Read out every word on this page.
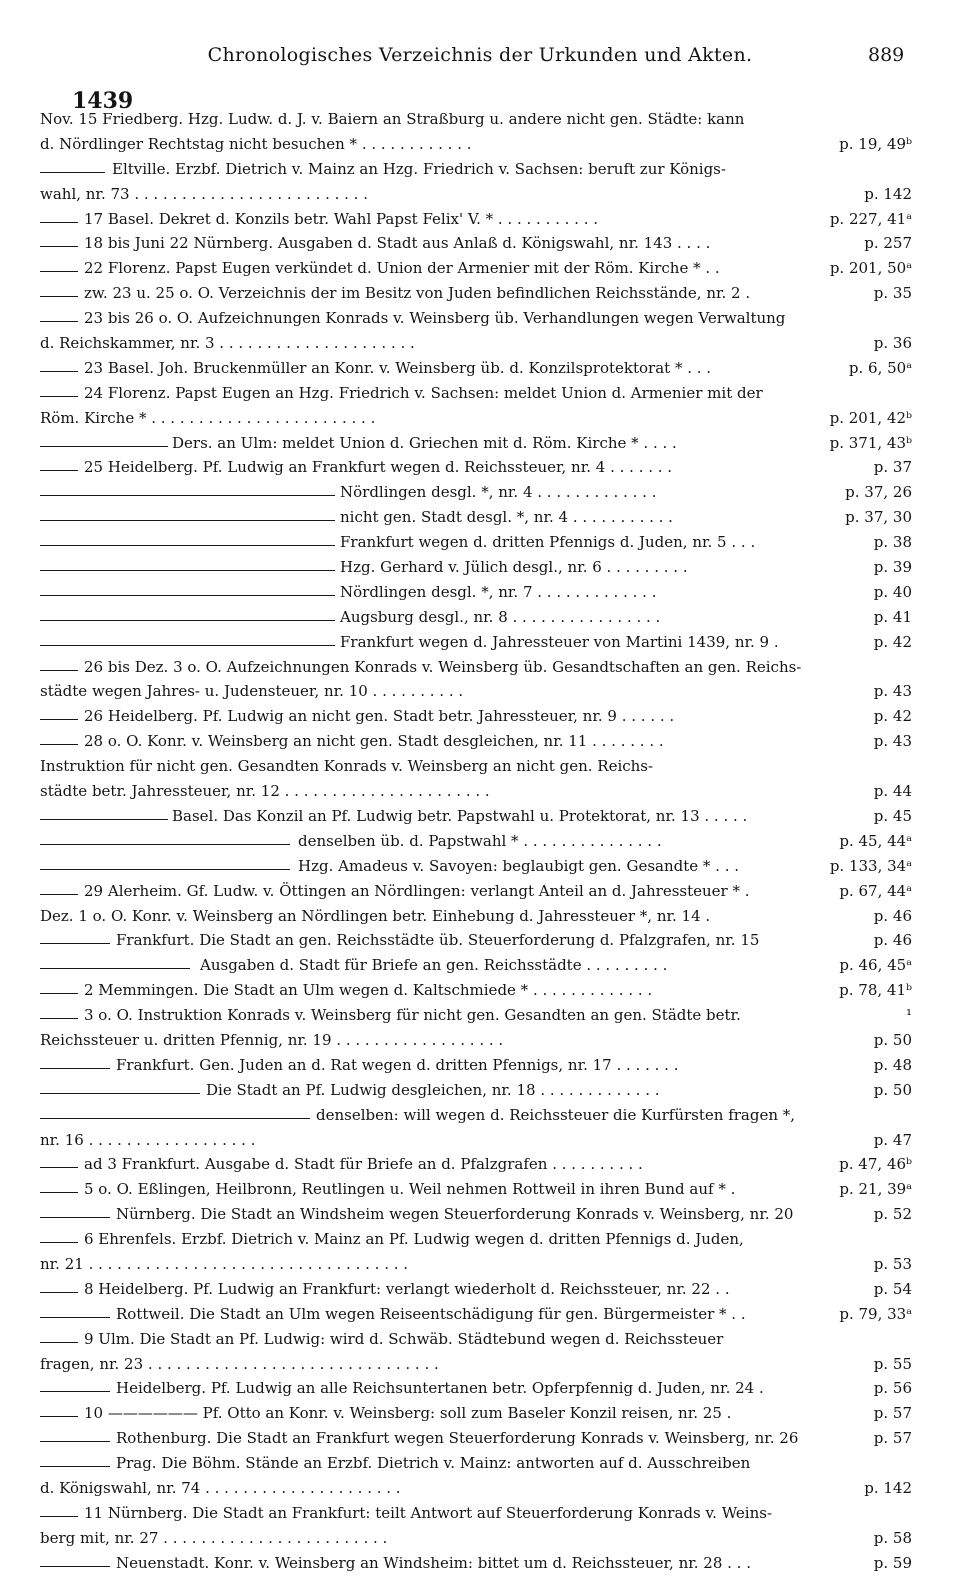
Chronologisches Verzeichnis der Urkunden und Akten.	889
1439
Nov. 15 Friedberg. Hzg. Ludw. d. J. v. Baiern an Straßburg u. andere nicht gen. Städte: kann
d. Nördlinger Rechtstag nicht besuchen * . . . . . . . . . . . .	p. 19, 49ᵇ
Eltville. Erzbf. Dietrich v. Mainz an Hzg. Friedrich v. Sachsen: beruft zur Königs-
wahl, nr. 73 . . . . . . . . . . . . . . . . . . . . . . . . .	p. 142
17 Basel. Dekret d. Konzils betr. Wahl Papst Felix' V. * . . . . . . . . . . .	p. 227, 41ᵃ
18 bis Juni 22 Nürnberg. Ausgaben d. Stadt aus Anlaß d. Königswahl, nr. 143 . . . .	p. 257
22 Florenz. Papst Eugen verkündet d. Union der Armenier mit der Röm. Kirche * . .	p. 201, 50ᵃ
zw. 23 u. 25 o. O. Verzeichnis der im Besitz von Juden befindlichen Reichsstände, nr. 2 .	p. 35
23 bis 26 o. O. Aufzeichnungen Konrads v. Weinsberg üb. Verhandlungen wegen Verwaltung
d. Reichskammer, nr. 3 . . . . . . . . . . . . . . . . . . . . .	p. 36
23 Basel. Joh. Bruckenmüller an Konr. v. Weinsberg üb. d. Konzilsprotektorat * . . .	p. 6, 50ᵃ
24 Florenz. Papst Eugen an Hzg. Friedrich v. Sachsen: meldet Union d. Armenier mit der
Röm. Kirche * . . . . . . . . . . . . . . . . . . . . . . . .	p. 201, 42ᵇ
Ders. an Ulm: meldet Union d. Griechen mit d. Röm. Kirche * . . . .	p. 371, 43ᵇ
25 Heidelberg. Pf. Ludwig an Frankfurt wegen d. Reichssteuer, nr. 4 . . . . . . .	p. 37
Nördlingen desgl. *, nr. 4 . . . . . . . . . . . . .	p. 37, 26
nicht gen. Stadt desgl. *, nr. 4 . . . . . . . . . . .	p. 37, 30
Frankfurt wegen d. dritten Pfennigs d. Juden, nr. 5 . . .	p. 38
Hzg. Gerhard v. Jülich desgl., nr. 6 . . . . . . . . .	p. 39
Nördlingen desgl. *, nr. 7 . . . . . . . . . . . . .	p. 40
Augsburg desgl., nr. 8 . . . . . . . . . . . . . . . .	p. 41
Frankfurt wegen d. Jahressteuer von Martini 1439, nr. 9 .	p. 42
26 bis Dez. 3 o. O. Aufzeichnungen Konrads v. Weinsberg üb. Gesandtschaften an gen. Reichs-
städte wegen Jahres- u. Judensteuer, nr. 10 . . . . . . . . . .	p. 43
26 Heidelberg. Pf. Ludwig an nicht gen. Stadt betr. Jahressteuer, nr. 9 . . . . . .	p. 42
28 o. O. Konr. v. Weinsberg an nicht gen. Stadt desgleichen, nr. 11 . . . . . . . .	p. 43
Instruktion für nicht gen. Gesandten Konrads v. Weinsberg an nicht gen. Reichs-
städte betr. Jahressteuer, nr. 12 . . . . . . . . . . . . . . . . . . . . . .	p. 44
Basel. Das Konzil an Pf. Ludwig betr. Papstwahl u. Protektorat, nr. 13 . . . . .	p. 45
denselben üb. d. Papstwahl * . . . . . . . . . . . . . . .	p. 45, 44ᵃ
Hzg. Amadeus v. Savoyen: beglaubigt gen. Gesandte * . . .	p. 133, 34ᵃ
29 Alerheim. Gf. Ludw. v. Öttingen an Nördlingen: verlangt Anteil an d. Jahressteuer * .	p. 67, 44ᵃ
Dez. 1 o. O. Konr. v. Weinsberg an Nördlingen betr. Einhebung d. Jahressteuer *, nr. 14 .	p. 46
Frankfurt. Die Stadt an gen. Reichsstädte üb. Steuerforderung d. Pfalzgrafen, nr. 15	p. 46
Ausgaben d. Stadt für Briefe an gen. Reichsstädte . . . . . . . . .	p. 46, 45ᵃ
2 Memmingen. Die Stadt an Ulm wegen d. Kaltschmiede * . . . . . . . . . . . . .	p. 78, 41ᵇ
3 o. O. Instruktion Konrads v. Weinsberg für nicht gen. Gesandten an gen. Städte betr.	¹
Reichssteuer u. dritten Pfennig, nr. 19 . . . . . . . . . . . . . . . . . .	p. 50
Frankfurt. Gen. Juden an d. Rat wegen d. dritten Pfennigs, nr. 17 . . . . . . .	p. 48
Die Stadt an Pf. Ludwig desgleichen, nr. 18 . . . . . . . . . . . . .	p. 50
denselben: will wegen d. Reichssteuer die Kurfürsten fragen *,
nr. 16 . . . . . . . . . . . . . . . . . .	p. 47
ad 3 Frankfurt. Ausgabe d. Stadt für Briefe an d. Pfalzgrafen . . . . . . . . . .	p. 47, 46ᵇ
5 o. O. Eßlingen, Heilbronn, Reutlingen u. Weil nehmen Rottweil in ihren Bund auf * .	p. 21, 39ᵃ
Nürnberg. Die Stadt an Windsheim wegen Steuerforderung Konrads v. Weinsberg, nr. 20	p. 52
6 Ehrenfels. Erzbf. Dietrich v. Mainz an Pf. Ludwig wegen d. dritten Pfennigs d. Juden,
nr. 21 . . . . . . . . . . . . . . . . . . . . . . . . . . . . . . . . . .	p. 53
8 Heidelberg. Pf. Ludwig an Frankfurt: verlangt wiederholt d. Reichssteuer, nr. 22 . .	p. 54
Rottweil. Die Stadt an Ulm wegen Reiseentschädigung für gen. Bürgermeister * . .	p. 79, 33ᵃ
9 Ulm. Die Stadt an Pf. Ludwig: wird d. Schwäb. Städtebund wegen d. Reichssteuer
fragen, nr. 23 . . . . . . . . . . . . . . . . . . . . . . . . . . . . . . .	p. 55
Heidelberg. Pf. Ludwig an alle Reichsuntertanen betr. Opferpfennig d. Juden, nr. 24 .	p. 56
10 —————— Pf. Otto an Konr. v. Weinsberg: soll zum Baseler Konzil reisen, nr. 25 .	p. 57
Rothenburg. Die Stadt an Frankfurt wegen Steuerforderung Konrads v. Weinsberg, nr. 26	p. 57
Prag. Die Böhm. Stände an Erzbf. Dietrich v. Mainz: antworten auf d. Ausschreiben
d. Königswahl, nr. 74 . . . . . . . . . . . . . . . . . . . . .	p. 142
11 Nürnberg. Die Stadt an Frankfurt: teilt Antwort auf Steuerforderung Konrads v. Weins-
berg mit, nr. 27 . . . . . . . . . . . . . . . . . . . . . . . .	p. 58
Neuenstadt. Konr. v. Weinsberg an Windsheim: bittet um d. Reichssteuer, nr. 28 . . .	p. 59
